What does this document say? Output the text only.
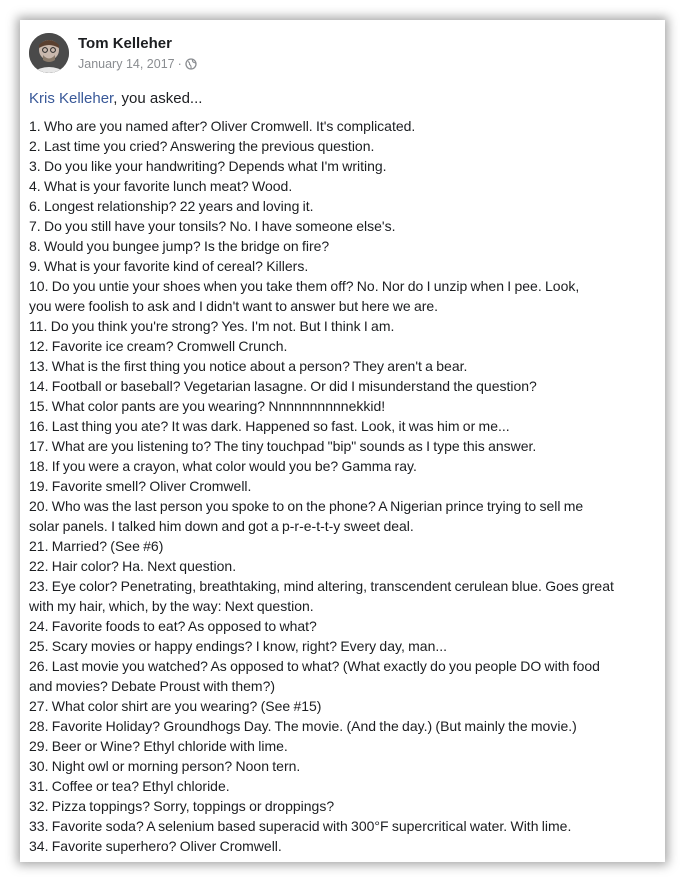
Tom Kelleher
January 14, 2017 ·
Kris Kelleher, you asked...
1. Who are you named after? Oliver Cromwell. It's complicated.
2. Last time you cried? Answering the previous question.
3. Do you like your handwriting? Depends what I'm writing.
4. What is your favorite lunch meat? Wood.
6. Longest relationship? 22 years and loving it.
7. Do you still have your tonsils? No. I have someone else's.
8. Would you bungee jump? Is the bridge on fire?
9. What is your favorite kind of cereal? Killers.
10. Do you untie your shoes when you take them off? No. Nor do I unzip when I pee. Look,
you were foolish to ask and I didn't want to answer but here we are.
11. Do you think you're strong? Yes. I'm not. But I think I am.
12. Favorite ice cream? Cromwell Crunch.
13. What is the first thing you notice about a person? They aren't a bear.
14. Football or baseball? Vegetarian lasagne. Or did I misunderstand the question?
15. What color pants are you wearing? Nnnnnnnnnnekkid!
16. Last thing you ate? It was dark. Happened so fast. Look, it was him or me...
17. What are you listening to? The tiny touchpad "bip" sounds as I type this answer.
18. If you were a crayon, what color would you be? Gamma ray.
19. Favorite smell? Oliver Cromwell.
20. Who was the last person you spoke to on the phone? A Nigerian prince trying to sell me
solar panels. I talked him down and got a p-r-e-t-t-y sweet deal.
21. Married? (See #6)
22. Hair color? Ha. Next question.
23. Eye color? Penetrating, breathtaking, mind altering, transcendent cerulean blue. Goes great
with my hair, which, by the way: Next question.
24. Favorite foods to eat? As opposed to what?
25. Scary movies or happy endings? I know, right? Every day, man...
26. Last movie you watched? As opposed to what? (What exactly do you people DO with food
and movies? Debate Proust with them?)
27. What color shirt are you wearing? (See #15)
28. Favorite Holiday? Groundhogs Day. The movie. (And the day.) (But mainly the movie.)
29. Beer or Wine? Ethyl chloride with lime.
30. Night owl or morning person? Noon tern.
31. Coffee or tea? Ethyl chloride.
32. Pizza toppings? Sorry, toppings or droppings?
33. Favorite soda? A selenium based superacid with 300°F supercritical water. With lime.
34. Favorite superhero? Oliver Cromwell.
